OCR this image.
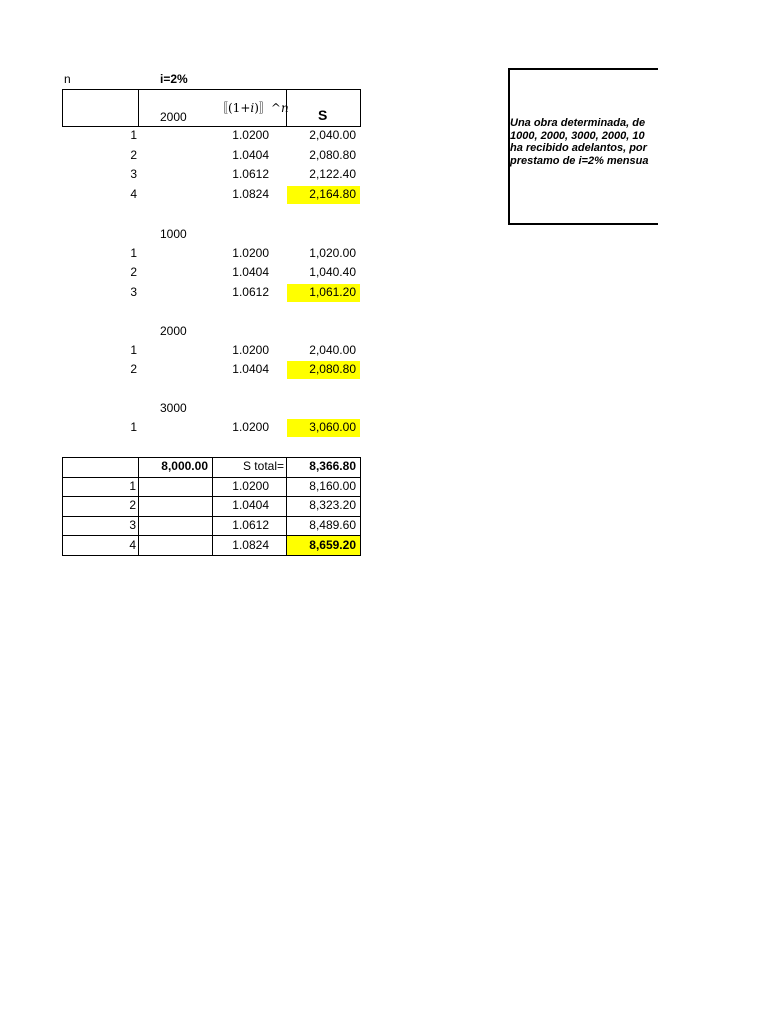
n	i=2%
2000
〚(1+𝑖)〛^𝑛 S
1	1.0200	2,040.00
2	1.0404	2,080.80
3	1.0612	2,122.40
4	1.0824	2,164.80
1000
1	1.0200	1,020.00
2	1.0404	1,040.40
3	1.0612	1,061.20
2000
1	1.0200	2,040.00
2	1.0404	2,080.80
3000
1	1.0200	3,060.00
8,000.00	S total=	8,366.80
1	1.0200	8,160.00
2	1.0404	8,323.20
3	1.0612	8,489.60
4	1.0824	8,659.20
Una obra determinada, de
1000, 2000, 3000, 2000, 10
ha recibido adelantos, por
prestamo de i=2% mensua
